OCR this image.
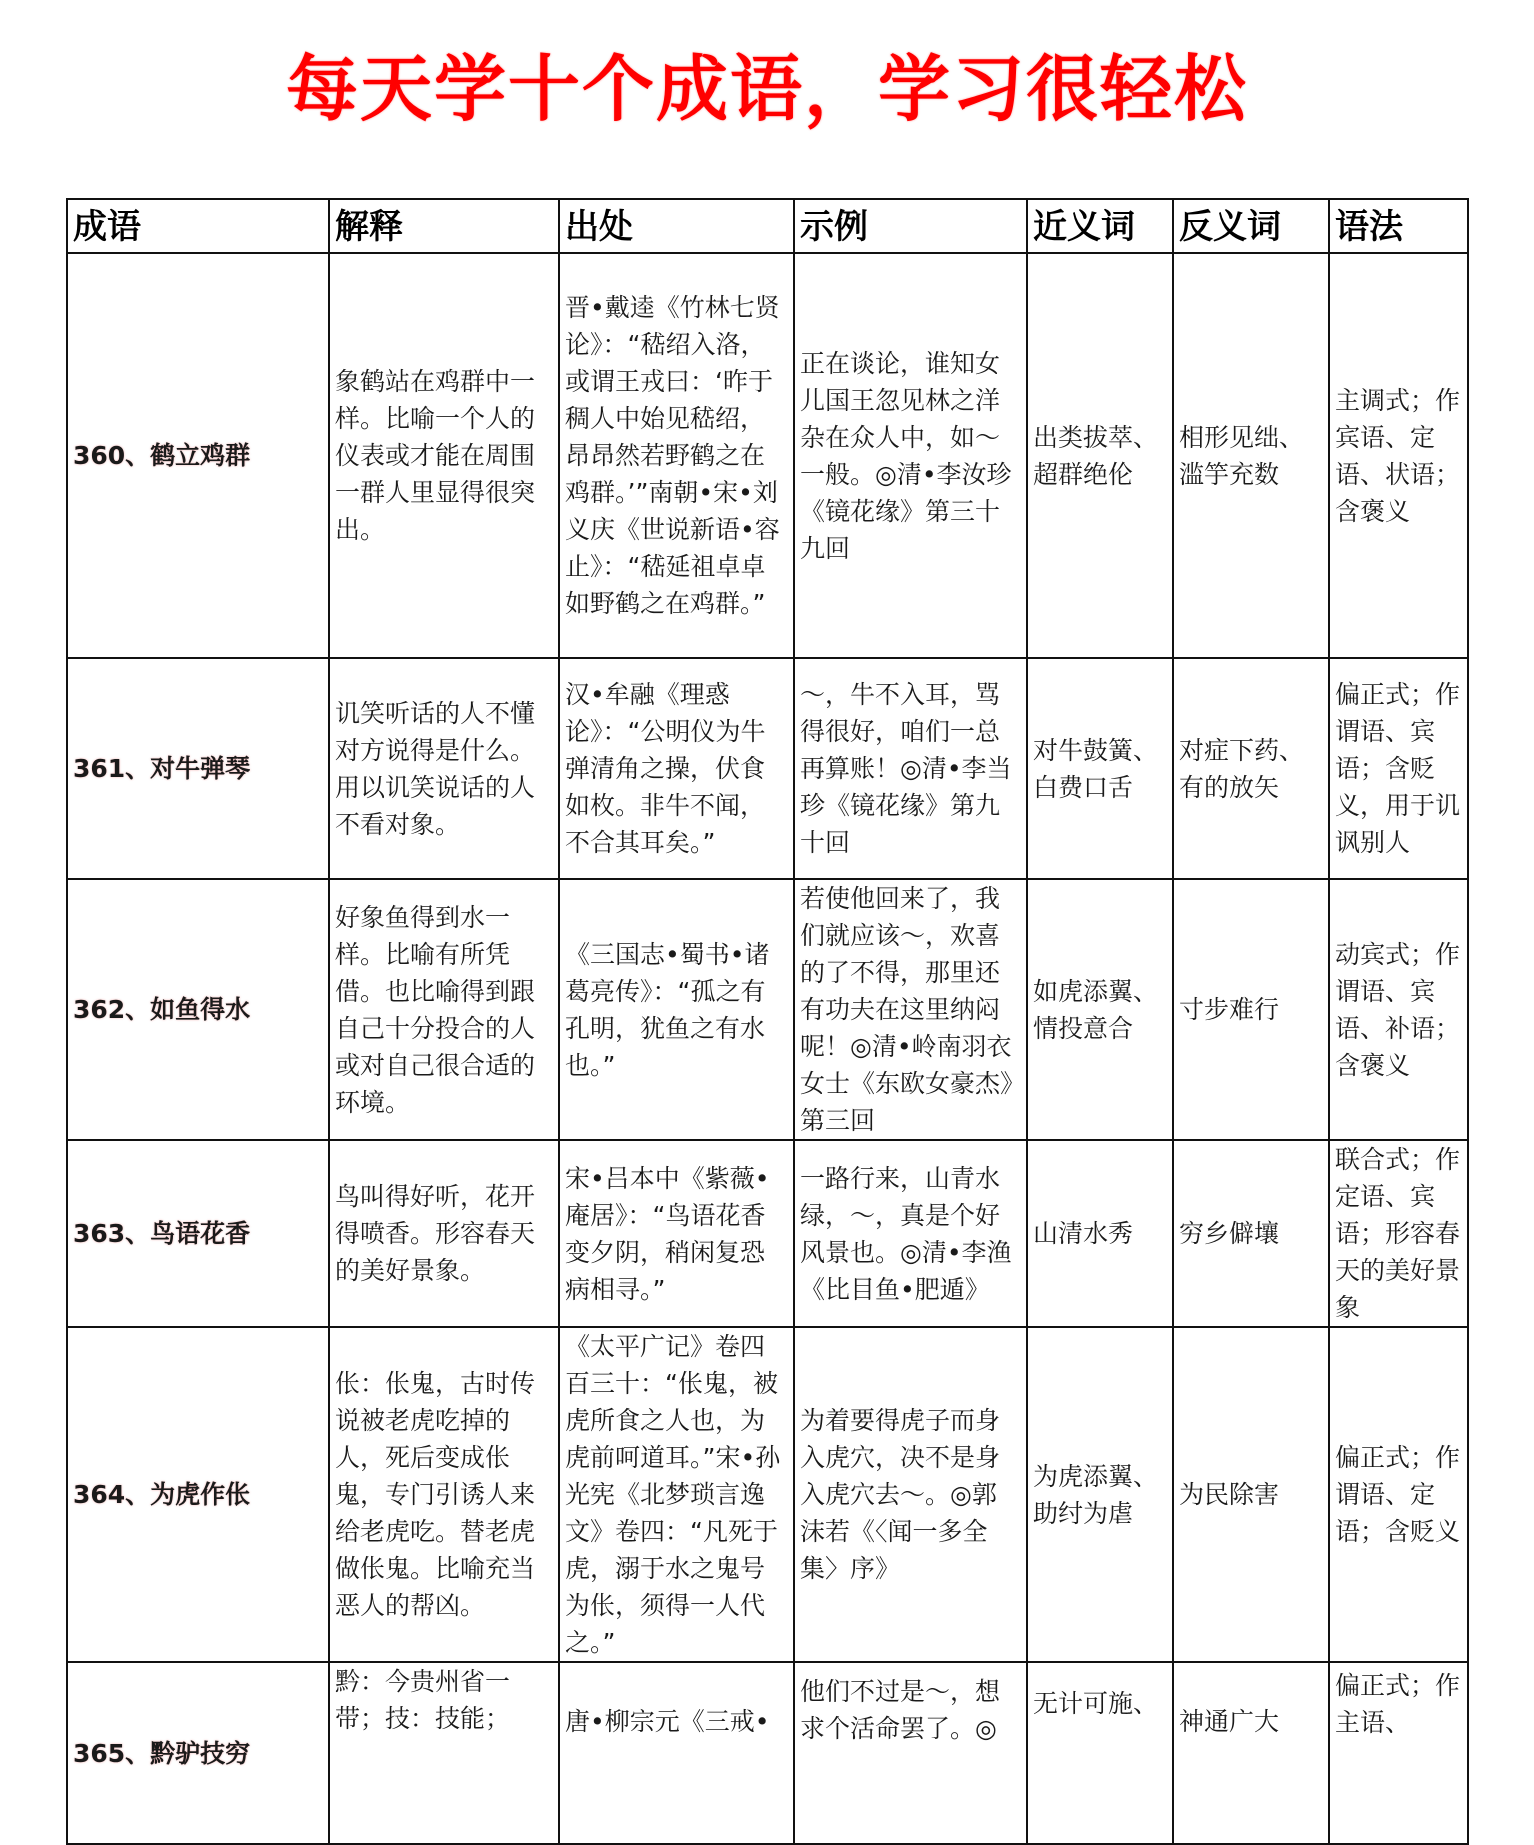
每天学十个成语，学习很轻松
成语	解释	出处	示例	近义词	反义词	语法
360、鹤立鸡群	象鹤站在鸡群中一样。比喻一个人的仪表或才能在周围一群人里显得很突出。	晋•戴逵《竹林七贤论》：“嵇绍入洛，或谓王戎曰：‘昨于稠人中始见嵇绍，昂昂然若野鹤之在鸡群。’”南朝•宋•刘义庆《世说新语•容止》：“嵇延祖卓卓如野鹤之在鸡群。”	正在谈论，谁知女儿国王忽见林之洋杂在众人中，如～一般。◎清•李汝珍《镜花缘》第三十九回	出类拔萃、超群绝伦	相形见绌、滥竽充数	主调式；作宾语、定语、状语；含褒义
361、对牛弹琴	讥笑听话的人不懂对方说得是什么。用以讥笑说话的人不看对象。	汉•牟融《理惑论》：“公明仪为牛弹清角之操，伏食如枚。非牛不闻，不合其耳矣。”	～，牛不入耳，骂得很好，咱们一总再算账！◎清•李当珍《镜花缘》第九十回	对牛鼓簧、白费口舌	对症下药、有的放矢	偏正式；作谓语、宾语；含贬义，用于讥讽别人
362、如鱼得水	好象鱼得到水一样。比喻有所凭借。也比喻得到跟自己十分投合的人或对自己很合适的环境。	《三国志•蜀书•诸葛亮传》：“孤之有孔明，犹鱼之有水也。”	若使他回来了，我们就应该～，欢喜的了不得，那里还有功夫在这里纳闷呢！◎清•岭南羽衣女士《东欧女豪杰》第三回	如虎添翼、情投意合	寸步难行	动宾式；作谓语、宾语、补语；含褒义
363、鸟语花香	鸟叫得好听，花开得喷香。形容春天的美好景象。	宋•吕本中《紫薇•庵居》：“鸟语花香变夕阴，稍闲复恐病相寻。”	一路行来，山青水绿，～，真是个好风景也。◎清•李渔《比目鱼•肥遁》	山清水秀	穷乡僻壤	联合式；作定语、宾语；形容春天的美好景象
364、为虎作伥	伥：伥鬼，古时传说被老虎吃掉的人，死后变成伥鬼，专门引诱人来给老虎吃。替老虎做伥鬼。比喻充当恶人的帮凶。	《太平广记》卷四百三十：“伥鬼，被虎所食之人也，为虎前呵道耳。”宋•孙光宪《北梦琐言逸文》卷四：“凡死于虎，溺于水之鬼号为伥，须得一人代之。”	为着要得虎子而身入虎穴，决不是身入虎穴去～。◎郭沫若《〈闻一多全集〉序》	为虎添翼、助纣为虐	为民除害	偏正式；作谓语、定语；含贬义
365、黔驴技穷	黔：今贵州省一带；技：技能；	唐•柳宗元《三戒•	他们不过是～，想求个活命罢了。◎	无计可施、	神通广大	偏正式；作主语、
